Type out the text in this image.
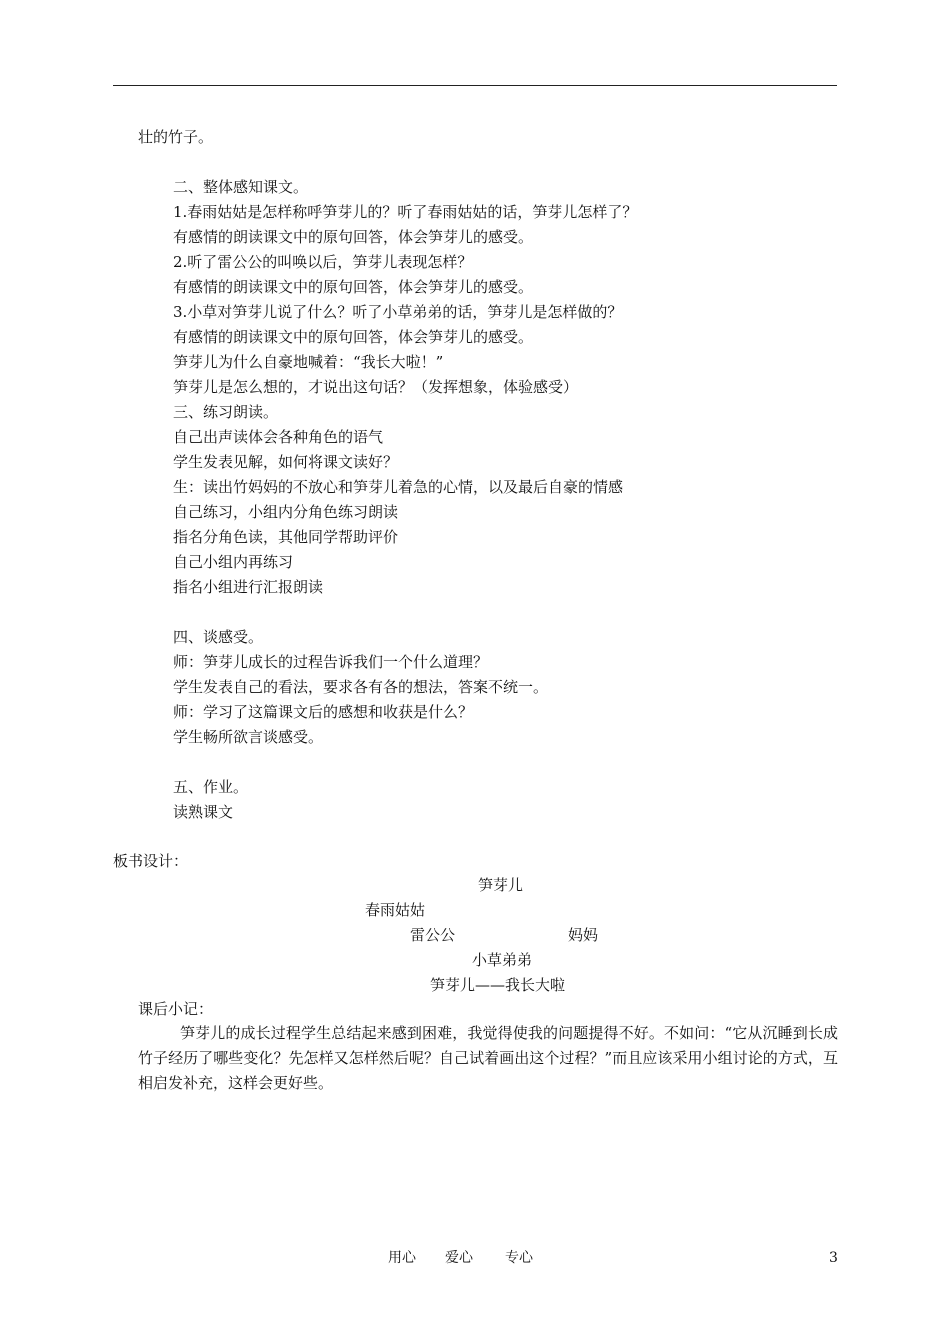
壮的竹子。
二、整体感知课文。
1.春雨姑姑是怎样称呼笋芽儿的？听了春雨姑姑的话，笋芽儿怎样了？
有感情的朗读课文中的原句回答，体会笋芽儿的感受。
2.听了雷公公的叫唤以后，笋芽儿表现怎样？
有感情的朗读课文中的原句回答，体会笋芽儿的感受。
3.小草对笋芽儿说了什么？听了小草弟弟的话，笋芽儿是怎样做的？
有感情的朗读课文中的原句回答，体会笋芽儿的感受。
笋芽儿为什么自豪地喊着：“我长大啦！”
笋芽儿是怎么想的，才说出这句话？（发挥想象，体验感受）
三、练习朗读。
自己出声读体会各种角色的语气
学生发表见解，如何将课文读好？
生：读出竹妈妈的不放心和笋芽儿着急的心情，以及最后自豪的情感
自己练习，小组内分角色练习朗读
指名分角色读，其他同学帮助评价
自己小组内再练习
指名小组进行汇报朗读
四、谈感受。
师：笋芽儿成长的过程告诉我们一个什么道理？
学生发表自己的看法，要求各有各的想法，答案不统一。
师：学习了这篇课文后的感想和收获是什么？
学生畅所欲言谈感受。
五、作业。
读熟课文
板书设计：
笋芽儿
春雨姑姑
雷公公	妈妈
小草弟弟
笋芽儿——我长大啦
课后小记：
笋芽儿的成长过程学生总结起来感到困难，我觉得使我的问题提得不好。不如问：“它从沉睡到长成竹子经历了哪些变化？先怎样又怎样然后呢？自己试着画出这个过程？”而且应该采用小组讨论的方式，互相启发补充，这样会更好些。
用心 爱心 专心	3
